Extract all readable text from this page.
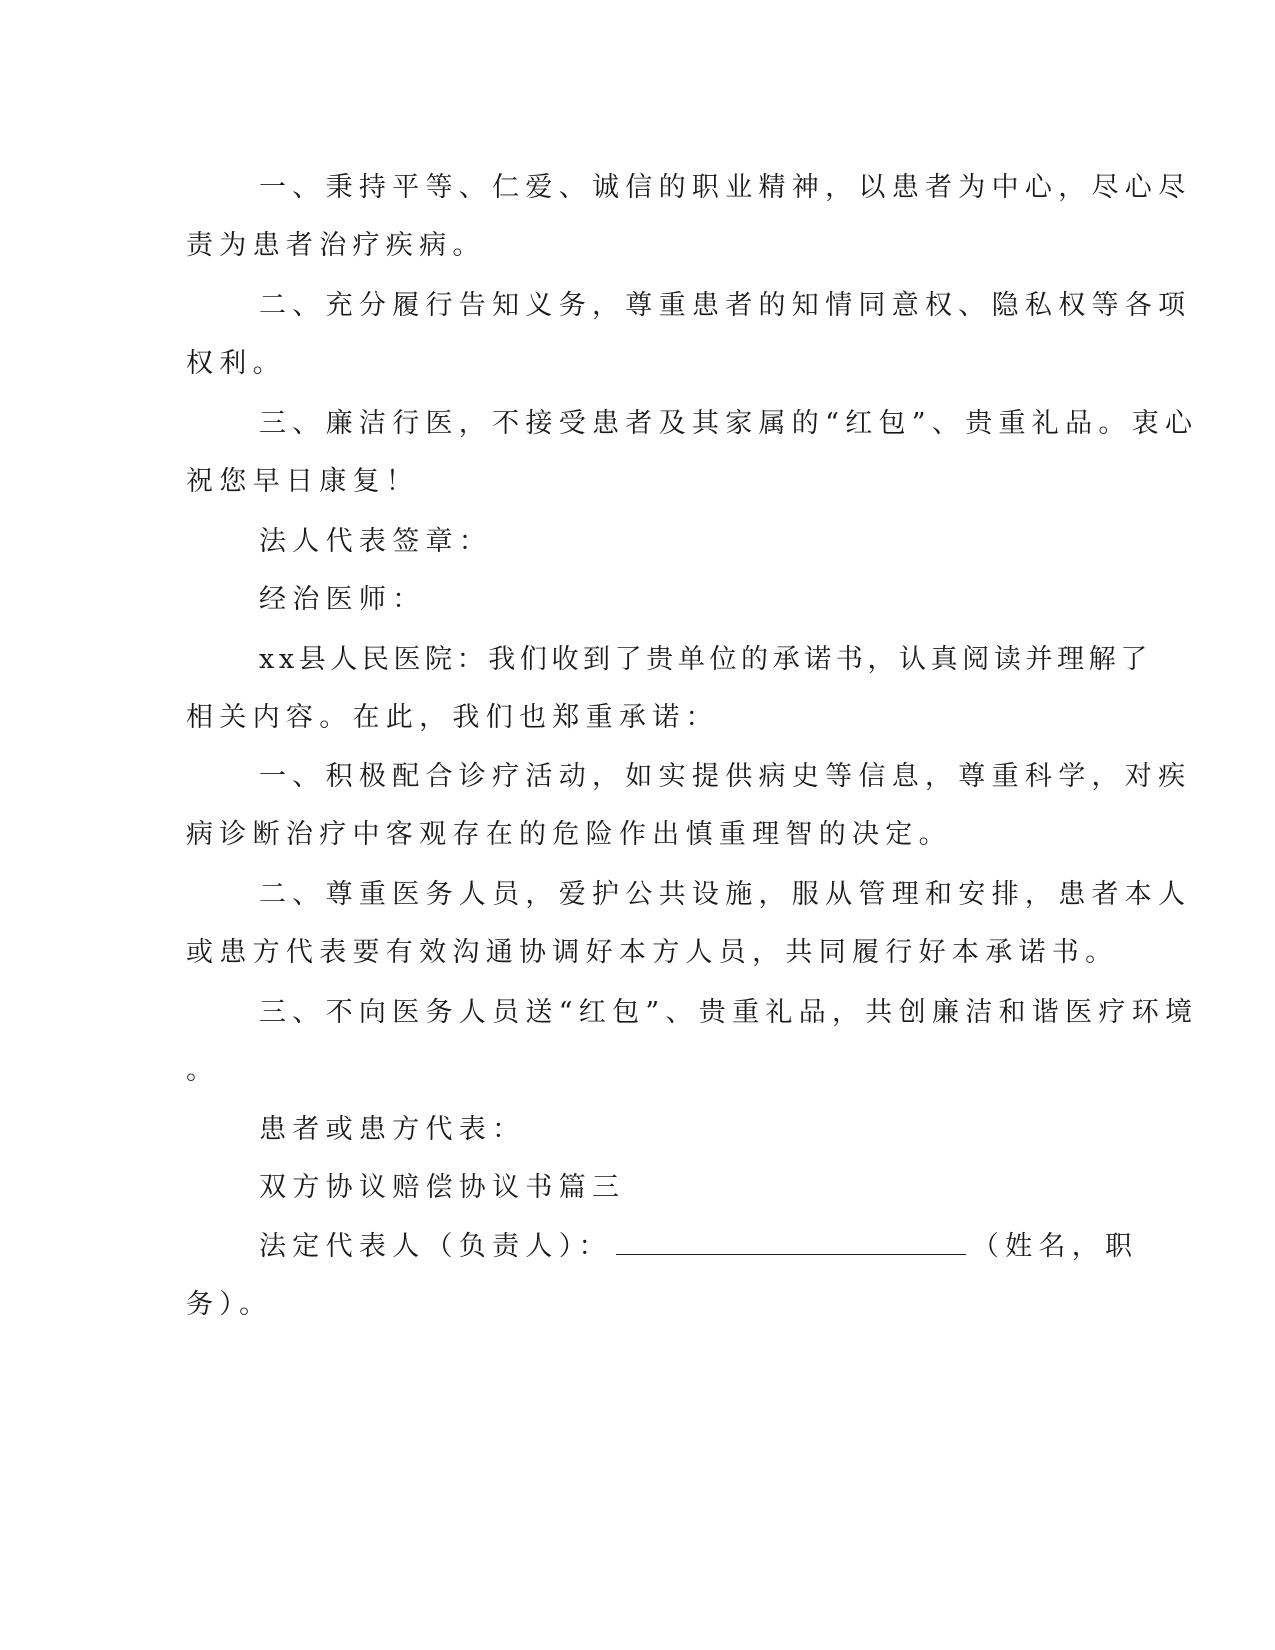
一、秉持平等、仁爱、诚信的职业精神，以患者为中心，尽心尽

责为患者治疗疾病。

二、充分履行告知义务，尊重患者的知情同意权、隐私权等各项

权利。

三、廉洁行医，不接受患者及其家属的“红包”、贵重礼品。衷心

祝您早日康复！

法人代表签章：

经治医师：

xx县人民医院：我们收到了贵单位的承诺书，认真阅读并理解了

相关内容。在此，我们也郑重承诺：

一、积极配合诊疗活动，如实提供病史等信息，尊重科学，对疾

病诊断治疗中客观存在的危险作出慎重理智的决定。

二、尊重医务人员，爱护公共设施，服从管理和安排，患者本人

或患方代表要有效沟通协调好本方人员，共同履行好本承诺书。

三、不向医务人员送“红包”、贵重礼品，共创廉洁和谐医疗环境

。

患者或患方代表：

双方协议赔偿协议书篇三

法定代表人（负责人）：	（姓名，职

务）。
